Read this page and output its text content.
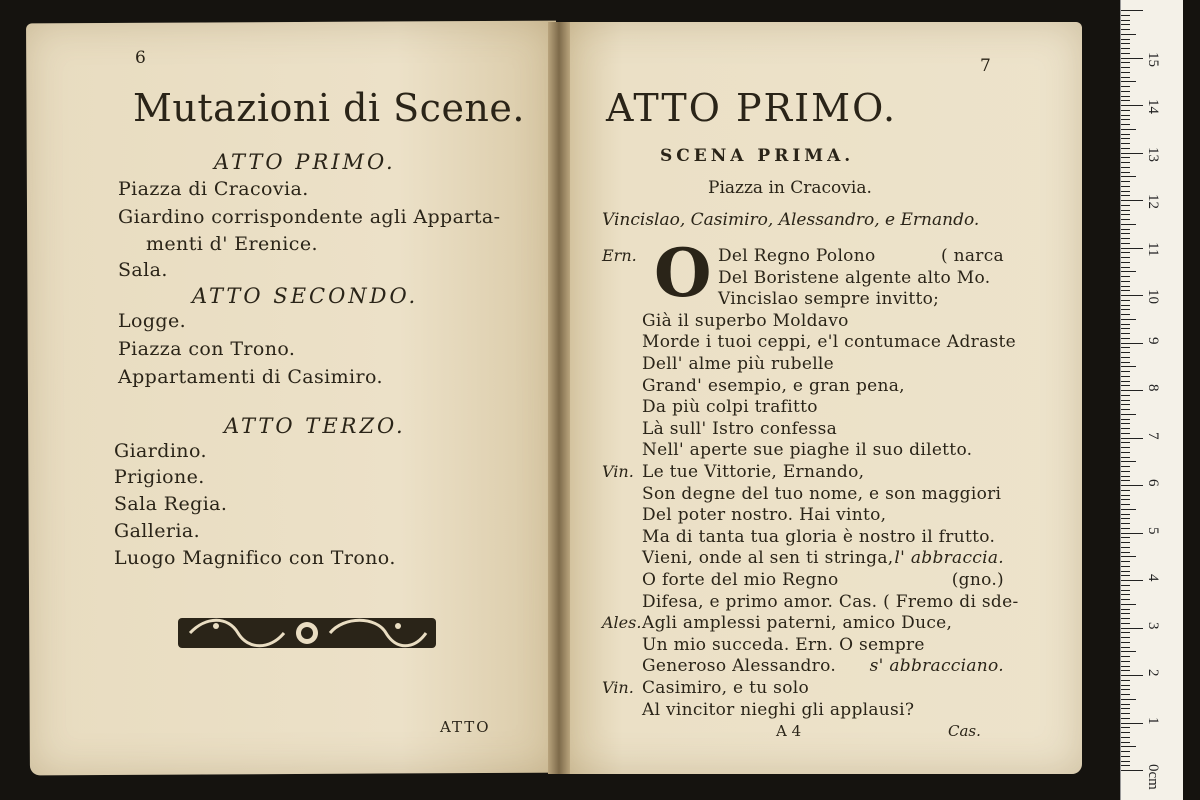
6
Mutazioni di Scene.
ATTO PRIMO.
Piazza di Cracovia.
Giardino corrispondente agli Apparta-
menti d' Erenice.
Sala.
ATTO SECONDO.
Logge.
Piazza con Trono.
Appartamenti di Casimiro.
ATTO TERZO.
Giardino.
Prigione.
Sala Regia.
Galleria.
Luogo Magnifico con Trono.
ATTO
7
ATTO PRIMO.
SCENA PRIMA.
Piazza in Cracovia.
Vincislao, Casimiro, Alessandro, e Ernando.
O
Ern.	Del Regno Polono	( narca
Del Boristene algente alto Mo.
Vincislao sempre invitto;
Già il superbo Moldavo
Morde i tuoi ceppi, e'l contumace Adraste
Dell' alme più rubelle
Grand' esempio, e gran pena,
Da più colpi trafitto
Là sull' Istro confessa
Nell' aperte sue piaghe il suo diletto.
Vin. Le tue Vittorie, Ernando,
Son degne del tuo nome, e son maggiori
Del poter nostro. Hai vinto,
Ma di tanta tua gloria è nostro il frutto.
Vieni, onde al sen ti stringa, l' abbraccia.
O forte del mio Regno	(gno.)
Difesa, e primo amor. Cas. ( Fremo di sde-
Ales. Agli amplessi paterni, amico Duce,
Un mio succeda. Ern. O sempre
Generoso Alessandro. s' abbracciano.
Vin. Casimiro, e tu solo
Al vincitor nieghi gli applausi?
A 4	Cas.
0cm
1
2
3
4
5
6
7
8
9
10
11
12
13
14
15
